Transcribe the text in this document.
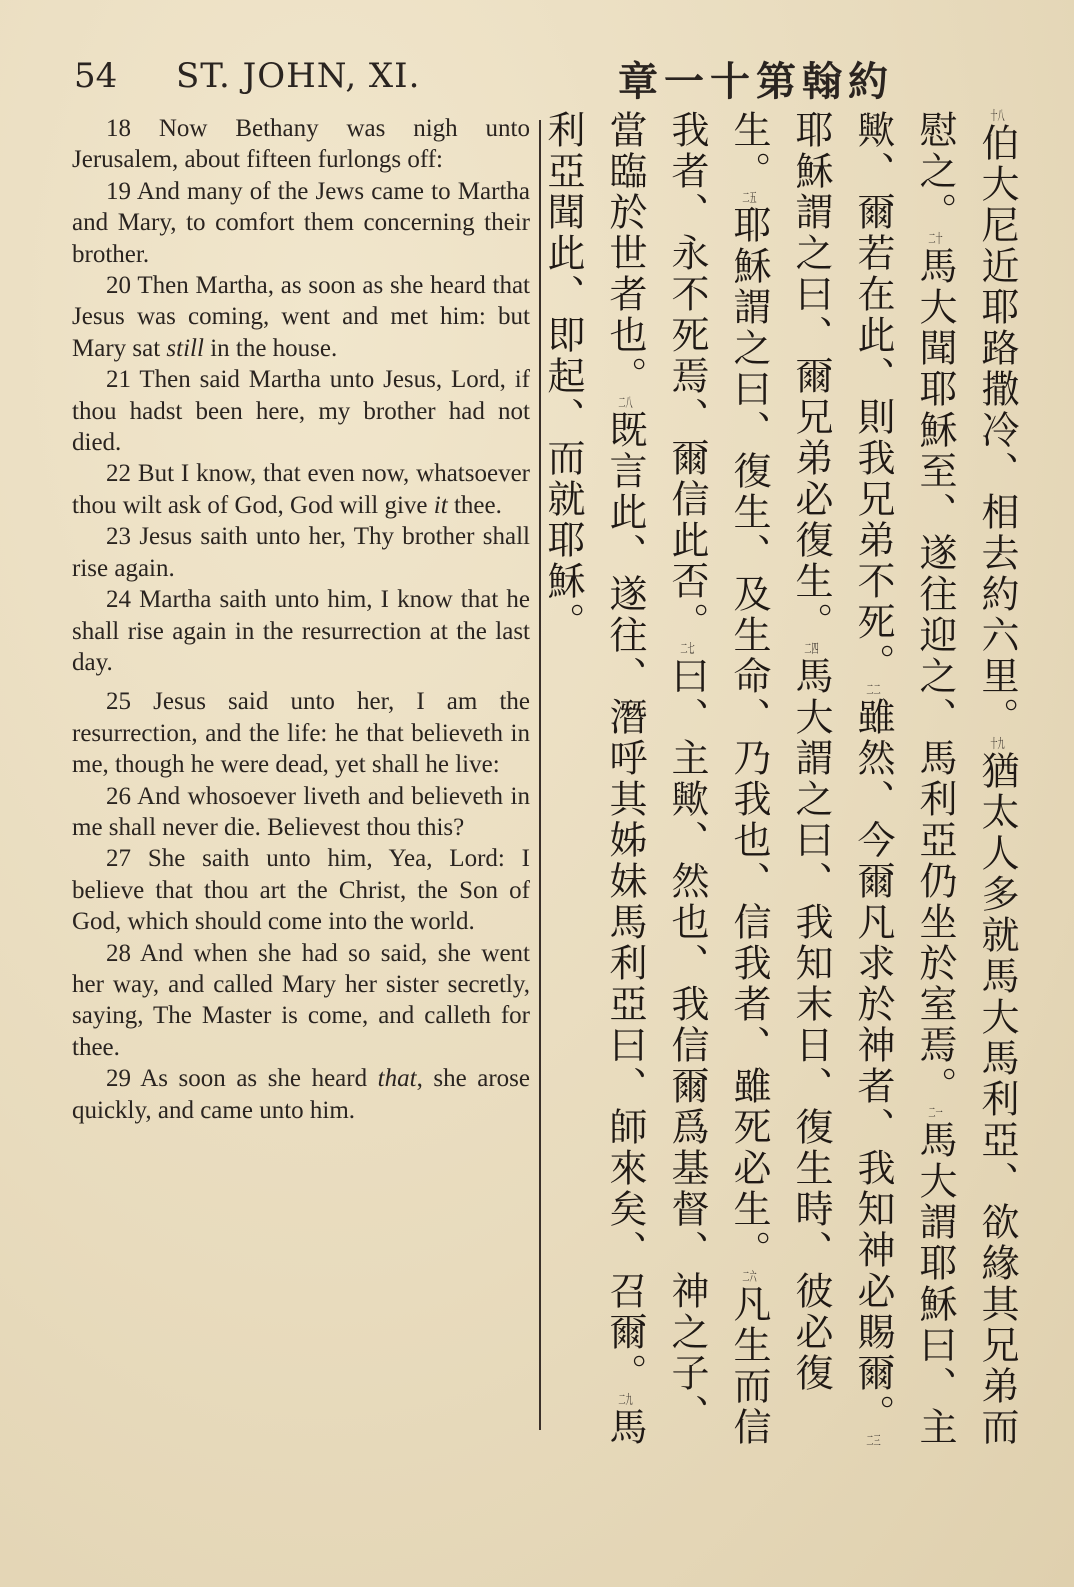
54 ST. JOHN, XI.	約翰第十一章

18 Now Bethany was nigh unto Jerusalem, about fifteen furlongs off:

19 And many of the Jews came to Martha and Mary, to comfort them concerning their brother.

20 Then Martha, as soon as she heard that Jesus was coming, went and met him: but Mary sat still in the house.

21 Then said Martha unto Jesus, Lord, if thou hadst been here, my brother had not died.

22 But I know, that even now, whatsoever thou wilt ask of God, God will give it thee.

23 Jesus saith unto her, Thy brother shall rise again.

24 Martha saith unto him, I know that he shall rise again in the resurrection at the last day.

25 Jesus said unto her, I am the resurrection, and the life: he that believeth in me, though he were dead, yet shall he live:

26 And whosoever liveth and believeth in me shall never die. Believest thou this?

27 She saith unto him, Yea, Lord: I believe that thou art the Christ, the Son of God, which should come into the world.

28 And when she had so said, she went her way, and called Mary her sister secretly, saying, The Master is come, and calleth for thee.

29 As soon as she heard that, she arose quickly, and came unto him.

十八伯大尼近耶路撒冷、相去約六里。十九猶太人多就馬大馬利亞、欲緣其兄弟而慰之。二十馬大聞耶穌至、遂往迎之、馬利亞仍坐於室焉。二一馬大謂耶穌曰、主歟、爾若在此、則我兄弟不死。二二雖然、今爾凡求於神者、我知神必賜爾。二三耶穌謂之曰、爾兄弟必復生。二四馬大謂之曰、我知末日、復生時、彼必復生。二五耶穌謂之曰、復生、及生命、乃我也、信我者、雖死必生。二六凡生而信我者、永不死焉、爾信此否。二七曰、主歟、然也、我信爾爲基督、神之子、當臨於世者也。二八既言此、遂往、潛呼其姊妹馬利亞曰、師來矣、召爾。二九馬利亞聞此、即起、而就耶穌。
